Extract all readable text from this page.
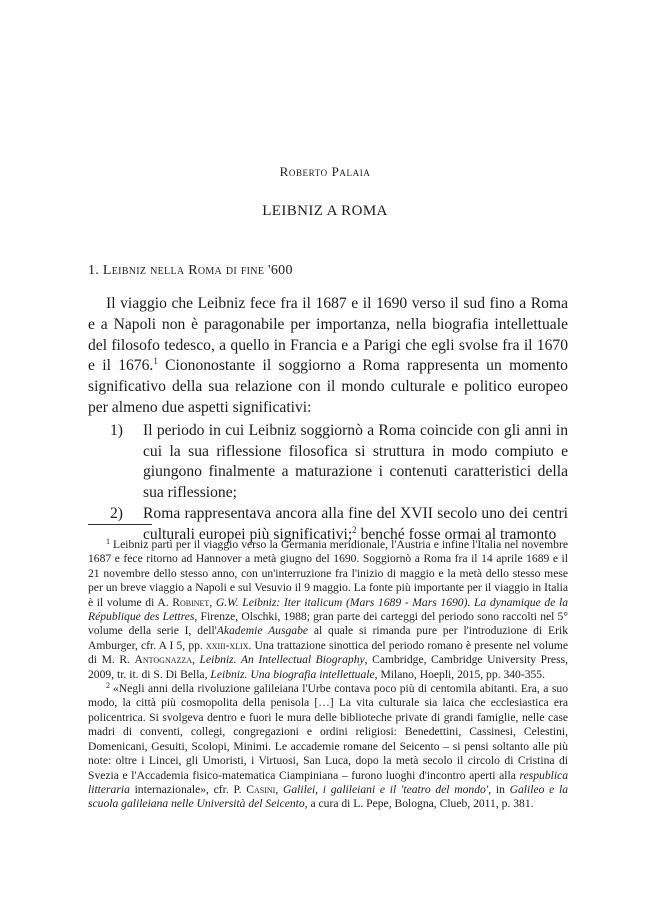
Roberto Palaia
LEIBNIZ A ROMA
1. Leibniz nella Roma di fine '600

Il viaggio che Leibniz fece fra il 1687 e il 1690 verso il sud fino a Roma e a Napoli non è paragonabile per importanza, nella biografia intellettuale del filosofo tedesco, a quello in Francia e a Parigi che egli svolse fra il 1670 e il 1676.$^1$ Ciononostante il soggiorno a Roma rappresenta un momento significativo della sua relazione con il mondo culturale e politico europeo per almeno due aspetti significativi:

1) Il periodo in cui Leibniz soggiornò a Roma coincide con gli anni in cui la sua riflessione filosofica si struttura in modo compiuto e giungono finalmente a maturazione i contenuti caratteristici della sua riflessione;
2) Roma rappresentava ancora alla fine del XVII secolo uno dei centri culturali europei più significativi;$^2$ benché fosse ormai al tramonto

$^1$ Leibniz partì per il viaggio verso la Germania meridionale, l'Austria e infine l'Italia nel novembre 1687 e fece ritorno ad Hannover a metà giugno del 1690. Soggiornò a Roma fra il 14 aprile 1689 e il 21 novembre dello stesso anno, con un'interruzione fra l'inizio di maggio e la metà dello stesso mese per un breve viaggio a Napoli e sul Vesuvio il 9 maggio. La fonte più importante per il viaggio in Italia è il volume di A. Robinet, G.W. Leibniz: Iter italicum (Mars 1689 - Mars 1690). La dynamique de la République des Lettres, Firenze, Olschki, 1988; gran parte dei carteggi del periodo sono raccolti nel 5° volume della serie I, dell'Akademie Ausgabe al quale si rimanda pure per l'introduzione di Erik Amburger, cfr. A I 5, pp. xxiii-xlix. Una trattazione sinottica del periodo romano è presente nel volume di M. R. Antognazza, Leibniz. An Intellectual Biography, Cambridge, Cambridge University Press, 2009, tr. it. di S. Di Bella, Leibniz. Una biografia intellettuale, Milano, Hoepli, 2015, pp. 340-355.

$^2$ «Negli anni della rivoluzione galileiana l'Urbe contava poco più di centomila abitanti. Era, a suo modo, la città più cosmopolita della penisola […] La vita culturale sia laica che ecclesiastica era policentrica. Si svolgeva dentro e fuori le mura delle biblioteche private di grandi famiglie, nelle case madri di conventi, collegi, congregazioni e ordini religiosi: Benedettini, Cassinesi, Celestini, Domenicani, Gesuiti, Scolopi, Minimi. Le accademie romane del Seicento – si pensi soltanto alle più note: oltre i Lincei, gli Umoristi, i Virtuosi, San Luca, dopo la metà secolo il circolo di Cristina di Svezia e l'Accademia fisico-matematica Ciampiniana – furono luoghi d'incontro aperti alla respublica litteraria internazionale», cfr. P. Casini, Galilei, i galileiani e il 'teatro del mondo', in Galileo e la scuola galileiana nelle Università del Seicento, a cura di L. Pepe, Bologna, Clueb, 2011, p. 381.
